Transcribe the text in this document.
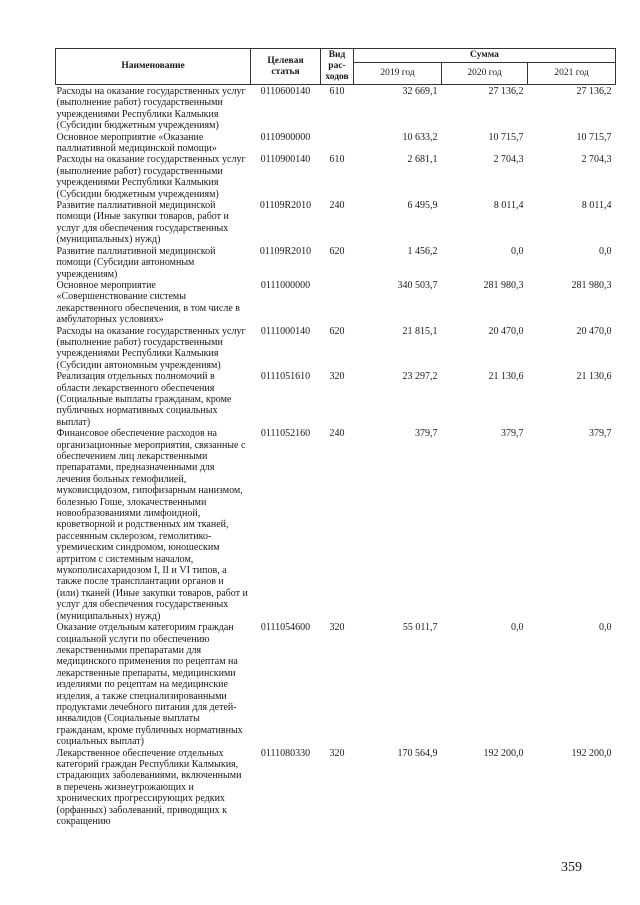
Наименование	Целевая статья	Вид рас-ходов	Сумма		
			2019 год	2020 год	2021 год
Расходы на оказание государственных услуг (выполнение работ) государственными учреждениями Республики Калмыкия (Субсидии бюджетным учреждениям)	0110600140	610	32 669,1	27 136,2	27 136,2
Основное мероприятие «Оказание паллиативной медицинской помощи»	0110900000		10 633,2	10 715,7	10 715,7
Расходы на оказание государственных услуг (выполнение работ) государственными учреждениями Республики Калмыкия (Субсидии бюджетным учреждениям)	0110900140	610	2 681,1	2 704,3	2 704,3
Развитие паллиативной медицинской помощи (Иные закупки товаров, работ и услуг для обеспечения государственных (муниципальных) нужд)	01109R2010	240	6 495,9	8 011,4	8 011,4
Развитие паллиативной медицинской помощи (Субсидии автономным учреждениям)	01109R2010	620	1 456,2	0,0	0,0
Основное мероприятие «Совершенствование системы лекарственного обеспечения, в том числе в амбулаторных условиях»	0111000000		340 503,7	281 980,3	281 980,3
Расходы на оказание государственных услуг (выполнение работ) государственными учреждениями Республики Калмыкия (Субсидии автономным учреждениям)	0111000140	620	21 815,1	20 470,0	20 470,0
Реализация отдельных полномочий в области лекарственного обеспечения (Социальные выплаты гражданам, кроме публичных нормативных социальных выплат)	0111051610	320	23 297,2	21 130,6	21 130,6
Финансовое обеспечение расходов на организационные мероприятия, связанные с обеспечением лиц лекарственными препаратами, предназначенными для лечения больных гемофилией, муковисцидозом, гипофизарным нанизмом, болезнью Гоше, злокачественными новообразованиями лимфоидной, кроветворной и родственных им тканей, рассеянным склерозом, гемолитико-уремическим синдромом, юношеским артритом с системным началом, мукополисахаридозом I, II и VI типов, а также после трансплантации органов и (или) тканей (Иные закупки товаров, работ и услуг для обеспечения государственных (муниципальных) нужд)	0111052160	240	379,7	379,7	379,7
Оказание отдельным категориям граждан социальной услуги по обеспечению лекарственными препаратами для медицинского применения по рецептам на лекарственные препараты, медицинскими изделиями по рецептам на медицинские изделия, а также специализированными продуктами лечебного питания для детей-инвалидов (Социальные выплаты гражданам, кроме публичных нормативных социальных выплат)	0111054600	320	55 011,7	0,0	0,0
Лекарственное обеспечение отдельных категорий граждан Республики Калмыкия, страдающих заболеваниями, включенными в перечень жизнеугрожающих и хронических прогрессирующих редких (орфанных) заболеваний, приводящих к сокращению	0111080330	320	170 564,9	192 200,0	192 200,0
359
